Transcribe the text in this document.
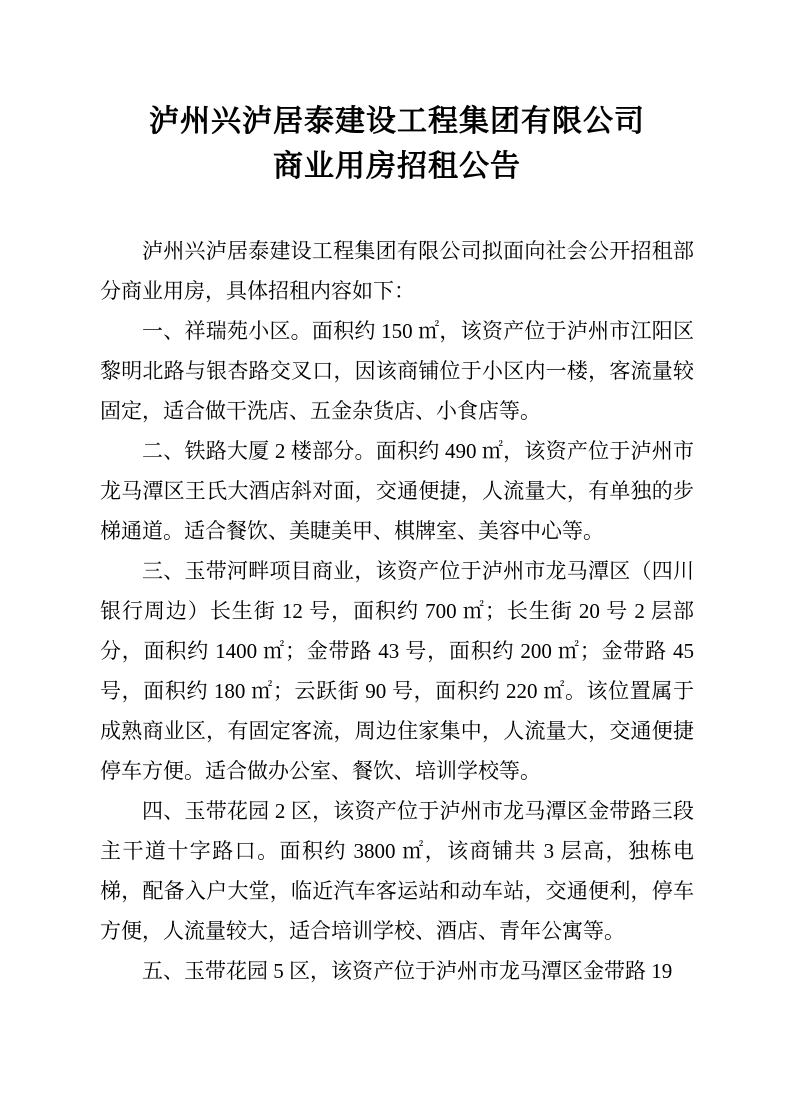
泸州兴泸居泰建设工程集团有限公司
商业用房招租公告

泸州兴泸居泰建设工程集团有限公司拟面向社会公开招租部分商业用房，具体招租内容如下：

一、祥瑞苑小区。面积约 150 ㎡，该资产位于泸州市江阳区黎明北路与银杏路交叉口，因该商铺位于小区内一楼，客流量较固定，适合做干洗店、五金杂货店、小食店等。

二、铁路大厦 2 楼部分。面积约 490 ㎡，该资产位于泸州市龙马潭区王氏大酒店斜对面，交通便捷，人流量大，有单独的步梯通道。适合餐饮、美睫美甲、棋牌室、美容中心等。

三、玉带河畔项目商业，该资产位于泸州市龙马潭区（四川银行周边）长生街 12 号，面积约 700 ㎡；长生街 20 号 2 层部分，面积约 1400 ㎡；金带路 43 号，面积约 200 ㎡；金带路 45 号，面积约 180 ㎡；云跃街 90 号，面积约 220 ㎡。该位置属于成熟商业区，有固定客流，周边住家集中，人流量大，交通便捷停车方便。适合做办公室、餐饮、培训学校等。

四、玉带花园 2 区，该资产位于泸州市龙马潭区金带路三段主干道十字路口。面积约 3800 ㎡，该商铺共 3 层高，独栋电梯，配备入户大堂，临近汽车客运站和动车站，交通便利，停车方便，人流量较大，适合培训学校、酒店、青年公寓等。

五、玉带花园 5 区，该资产位于泸州市龙马潭区金带路 19
